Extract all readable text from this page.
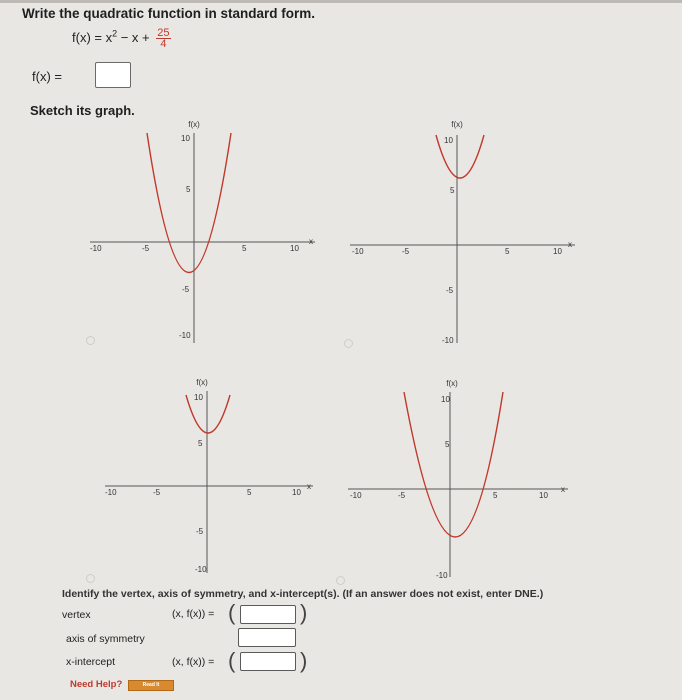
Write the quadratic function in standard form.
$f(x) = x^2 - x + \frac{25}{4}$
f(x) =
Sketch its graph.
f(x)
x
-10	-5	5	10
10
5
-5
-10
f(x)
x
-10	-5	5	10
10
5
-5
-10
f(x)
x
-10	-5	5	10
10
5
-5
-10
f(x)
x
-10	-5	5	10
10
5
-10
Identify the vertex, axis of symmetry, and x-intercept(s). (If an answer does not exist, enter DNE.)
vertex	(x, f(x)) = (	)
axis of symmetry
x-intercept	(x, f(x)) = (	)
Need Help?	Read It
